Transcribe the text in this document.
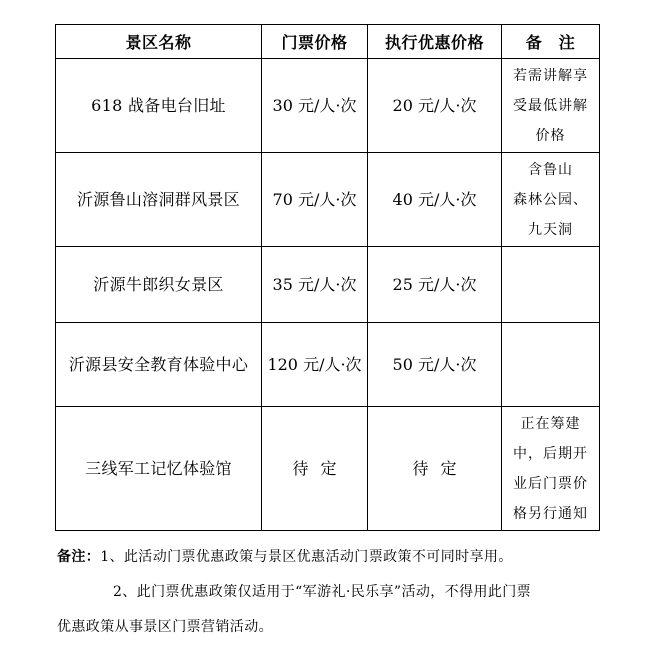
景区名称	门票价格	执行优惠价格	备　注
618 战备电台旧址	30 元/人·次	20 元/人·次	若需讲解享
受最低讲解
价格

沂源鲁山溶洞群风景区	70 元/人·次	40 元/人·次	含鲁山
森林公园、
九天洞

沂源牛郎织女景区	35 元/人·次	25 元/人·次	
沂源县安全教育体验中心	120 元/人·次	50 元/人·次	
三线军工记忆体验馆	待定	待定	正在筹建
中，后期开
业后门票价
格另行通知

备注：1、此活动门票优惠政策与景区优惠活动门票政策不可同时享用。

2、此门票优惠政策仅适用于“军游礼·民乐享”活动，不得用此门票

优惠政策从事景区门票营销活动。
